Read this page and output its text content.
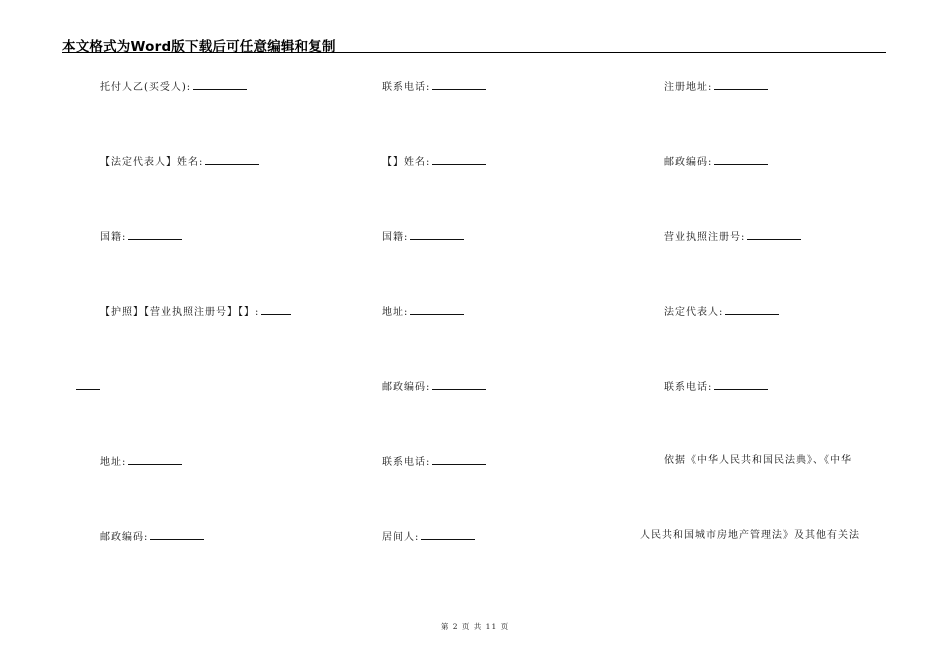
本文格式为Word版下载后可任意编辑和复制
托付人乙(买受人):
【法定代表人】姓名:
国籍:
【护照】【营业执照注册号】【】:
地址:
邮政编码:
联系电话:
【】姓名:
国籍:
地址:
邮政编码:
联系电话:
居间人:
注册地址:
邮政编码:
营业执照注册号:
法定代表人:
联系电话:
依据《中华人民共和国民法典》、《中华
人民共和国城市房地产管理法》及其他有关法
第 2 页 共 11 页
